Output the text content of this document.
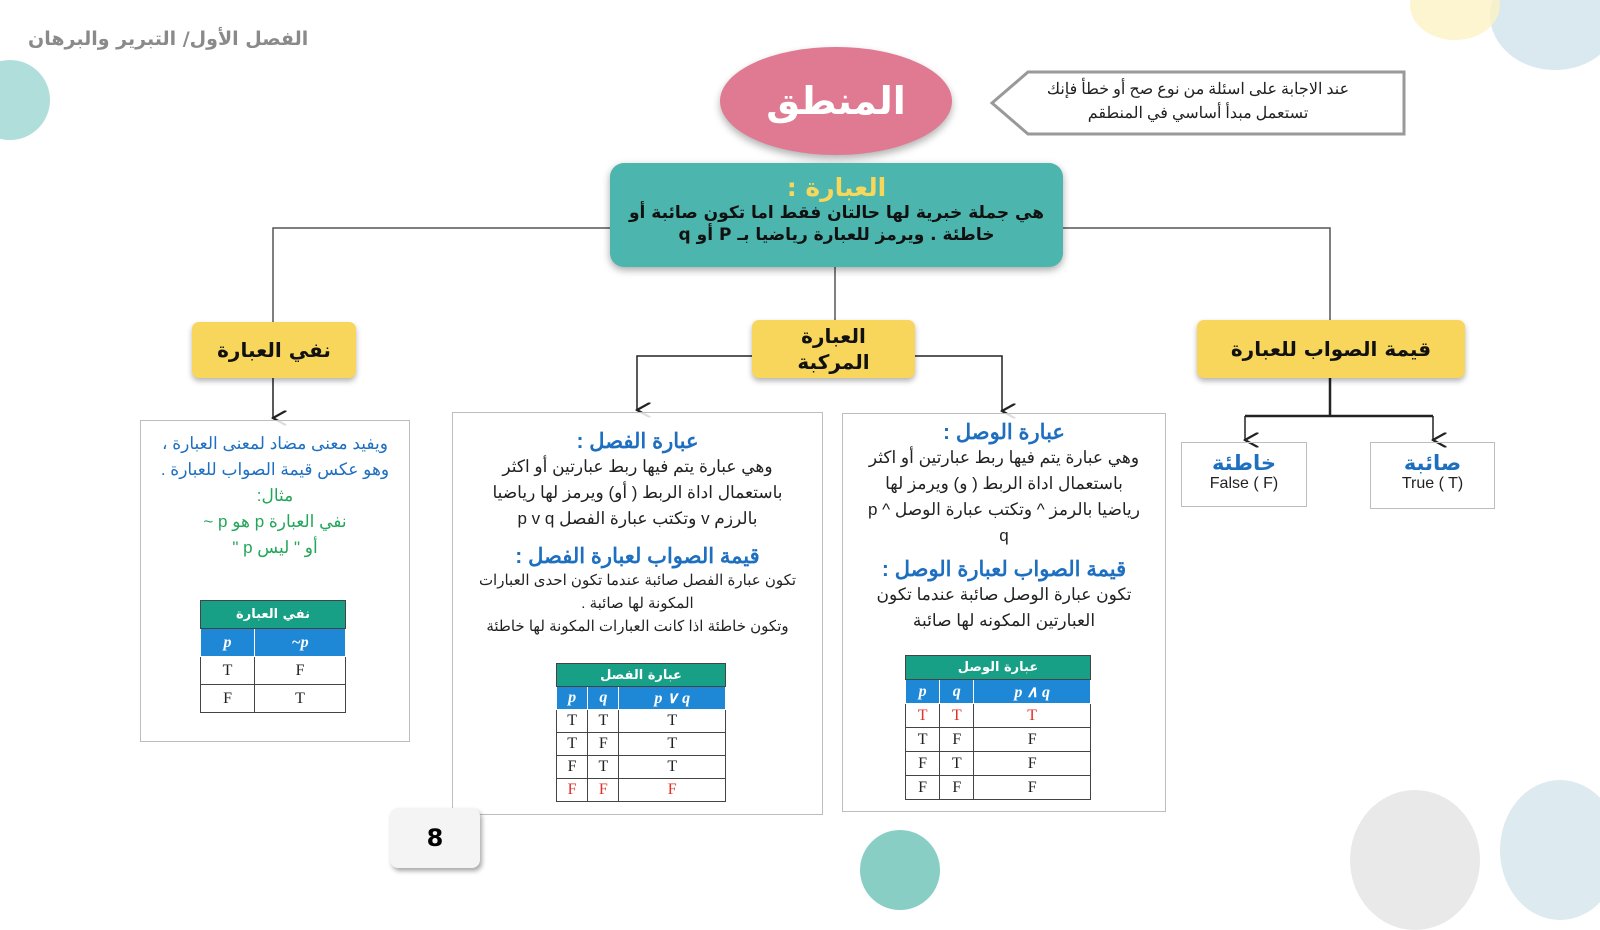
الفصل الأول/ التبرير والبرهان
المنطق	عند الاجابة على اسئلة من نوع صح أو خطأ فإنك تستعمل مبدأ أساسي في المنطقم
العبارة :
هي جملة خبرية لها حالتان فقط اما تكون صائبة أو خاطئة . ويرمز للعبارة رياضيا بـ P أو q
نفي العبارة
العبارة المركبة
قيمة الصواب للعبارة
ويفيد معنى مضاد لمعنى العبارة ،
وهو عكس قيمة الصواب للعبارة .
مثال:
نفي العبارة p هو p ~
أو " ليس p "
نفي العبارة	
p	~p
T	F
F	T
عبارة الفصل :
وهي عبارة يتم فيها ربط عبارتين أو اكثر باستعمال اداة الربط ( أو) ويرمز لها رياضيا بالرزم v وتكتب عبارة الفصل p v q
قيمة الصواب لعبارة الفصل :
تكون عبارة الفصل صائبة عندما تكون احدى العبارات المكونة لها صائبة .
وتكون خاطئة اذا كانت العبارات المكونة لها خاطئة
عبارة الفصل		
p	q	p ∨ q
T	T	T
T	F	T
F	T	T
F	F	F
عبارة الوصل :
وهي عبارة يتم فيها ربط عبارتين أو اكثر باستعمال اداة الربط ( و) ويرمز لها رياضيا بالرمز ^ وتكتب عبارة الوصل p ^ q
قيمة الصواب لعبارة الوصل :
تكون عبارة الوصل صائبة عندما تكون العبارتين المكونه لها صائبة
عبارة الوصل		
p	q	p ∧ q
T	T	T
T	F	F
F	T	F
F	F	F
خاطئة
False ( F)
صائبة
True ( T)
8
